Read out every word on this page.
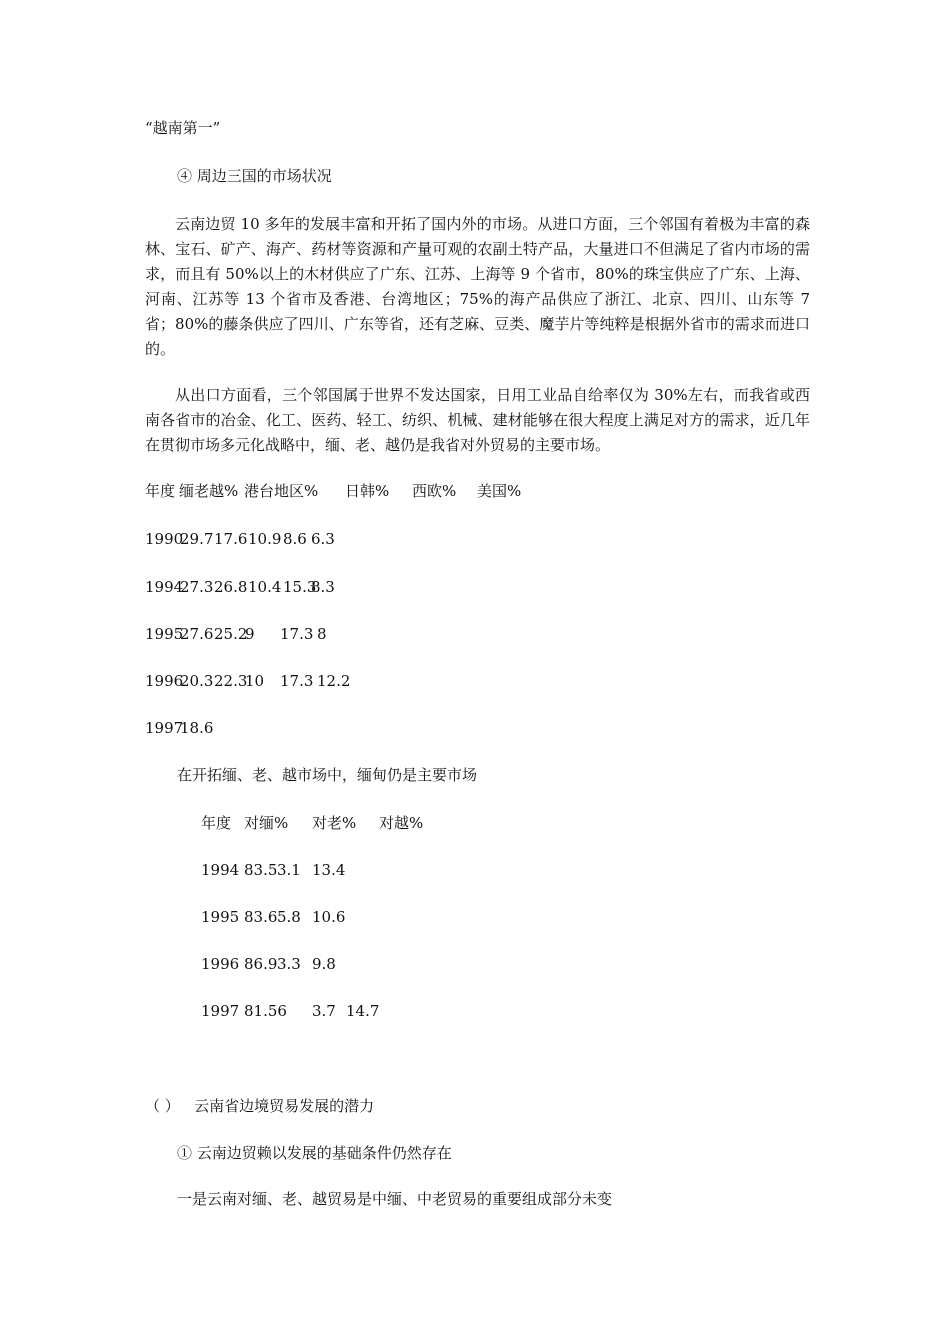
“越南第一”
④ 周边三国的市场状况
云南边贸 10 多年的发展丰富和开拓了国内外的市场。从进口方面，三个邻国有着极为丰富的森林、宝石、矿产、海产、药材等资源和产量可观的农副土特产品，大量进口不但满足了省内市场的需求，而且有 50%以上的木材供应了广东、江苏、上海等 9 个省市，80%的珠宝供应了广东、上海、河南、江苏等 13 个省市及香港、台湾地区；75%的海产品供应了浙江、北京、四川、山东等 7 省；80%的藤条供应了四川、广东等省，还有芝麻、豆类、魔芋片等纯粹是根据外省市的需求而进口的。
从出口方面看，三个邻国属于世界不发达国家，日用工业品自给率仅为 30%左右，而我省或西南各省市的冶金、化工、医药、轻工、纺织、机械、建材能够在很大程度上满足对方的需求，近几年在贯彻市场多元化战略中，缅、老、越仍是我省对外贸易的主要市场。

年度

缅老越%

港台地区%

日韩%

西欧%

美国%

1990

29.7

17.6

10.9

8.6

6.3

1994

27.3

26.8

10.4

15.3

8.3

1995

27.6

25.2

9

17.3

8

1996

20.3

22.3

10

17.3

12.2

1997

18.6

在开拓缅、老、越市场中，缅甸仍是主要市场

年度

对缅%

对老%

对越%

1994

83.5

3.1

13.4

1995

83.6

5.8

10.6

1996

86.9

3.3

9.8

1997

81.56

3.7

14.7

（ ）   云南省边境贸易发展的潜力
① 云南边贸赖以发展的基础条件仍然存在
一是云南对缅、老、越贸易是中缅、中老贸易的重要组成部分未变
